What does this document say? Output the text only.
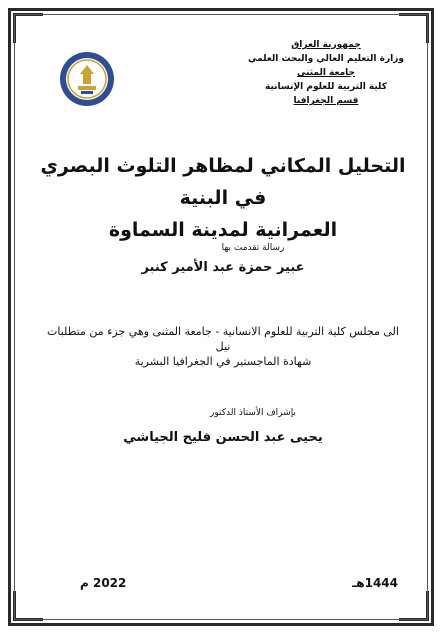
جمهورية العراق
وزارة التعليم العالي والبحث العلمي
جامعة المثنى
كلية التربية للعلوم الإنسانية
قسم الجغرافيا
التحليل المكاني لمظاهر التلوث البصري في البنية
العمرانية لمدينة السماوة
رسالة تقدمت بها
عبير حمزة عبد الأمير كنبر
الى مجلس كلية التربية للعلوم الانسانية - جامعة المثنى وهي جزء من متطلبات نيل
شهادة الماجستير في الجغرافيا البشرية
بإشراف الأستاذ الدكتور
يحيى عبد الحسن فليح الجياشي
1444هـ
2022 م
